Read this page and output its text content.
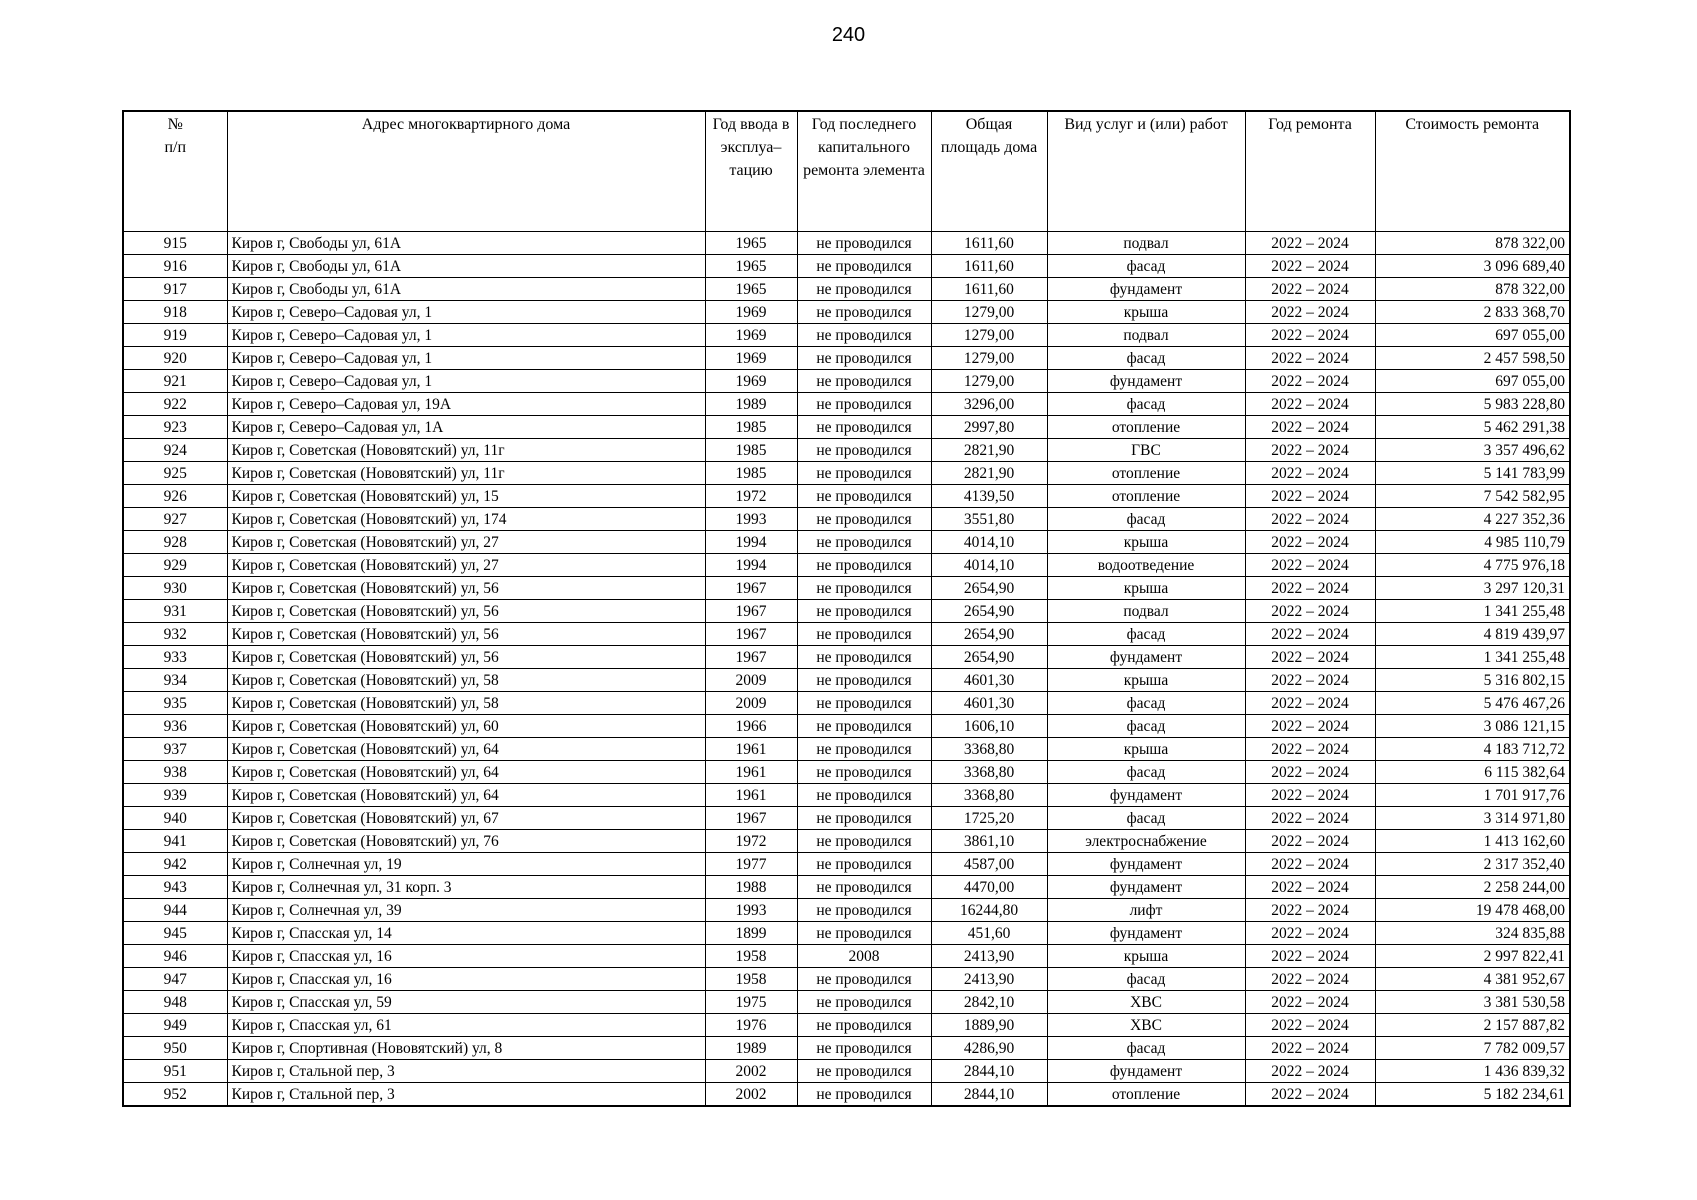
240
№
п/п	Адрес многоквартирного дома	Год ввода в эксплуа– тацию	Год последнего капитального ремонта элемента	Общая площадь дома	Вид услуг и (или) работ	Год ремонта	Стоимость ремонта
915	Киров г, Свободы ул, 61А	1965	не проводился	1611,60	подвал	2022 – 2024	878 322,00
916	Киров г, Свободы ул, 61А	1965	не проводился	1611,60	фасад	2022 – 2024	3 096 689,40
917	Киров г, Свободы ул, 61А	1965	не проводился	1611,60	фундамент	2022 – 2024	878 322,00
918	Киров г, Северо–Садовая ул, 1	1969	не проводился	1279,00	крыша	2022 – 2024	2 833 368,70
919	Киров г, Северо–Садовая ул, 1	1969	не проводился	1279,00	подвал	2022 – 2024	697 055,00
920	Киров г, Северо–Садовая ул, 1	1969	не проводился	1279,00	фасад	2022 – 2024	2 457 598,50
921	Киров г, Северо–Садовая ул, 1	1969	не проводился	1279,00	фундамент	2022 – 2024	697 055,00
922	Киров г, Северо–Садовая ул, 19А	1989	не проводился	3296,00	фасад	2022 – 2024	5 983 228,80
923	Киров г, Северо–Садовая ул, 1А	1985	не проводился	2997,80	отопление	2022 – 2024	5 462 291,38
924	Киров г, Советская (Нововятский) ул, 11г	1985	не проводился	2821,90	ГВС	2022 – 2024	3 357 496,62
925	Киров г, Советская (Нововятский) ул, 11г	1985	не проводился	2821,90	отопление	2022 – 2024	5 141 783,99
926	Киров г, Советская (Нововятский) ул, 15	1972	не проводился	4139,50	отопление	2022 – 2024	7 542 582,95
927	Киров г, Советская (Нововятский) ул, 174	1993	не проводился	3551,80	фасад	2022 – 2024	4 227 352,36
928	Киров г, Советская (Нововятский) ул, 27	1994	не проводился	4014,10	крыша	2022 – 2024	4 985 110,79
929	Киров г, Советская (Нововятский) ул, 27	1994	не проводился	4014,10	водоотведение	2022 – 2024	4 775 976,18
930	Киров г, Советская (Нововятский) ул, 56	1967	не проводился	2654,90	крыша	2022 – 2024	3 297 120,31
931	Киров г, Советская (Нововятский) ул, 56	1967	не проводился	2654,90	подвал	2022 – 2024	1 341 255,48
932	Киров г, Советская (Нововятский) ул, 56	1967	не проводился	2654,90	фасад	2022 – 2024	4 819 439,97
933	Киров г, Советская (Нововятский) ул, 56	1967	не проводился	2654,90	фундамент	2022 – 2024	1 341 255,48
934	Киров г, Советская (Нововятский) ул, 58	2009	не проводился	4601,30	крыша	2022 – 2024	5 316 802,15
935	Киров г, Советская (Нововятский) ул, 58	2009	не проводился	4601,30	фасад	2022 – 2024	5 476 467,26
936	Киров г, Советская (Нововятский) ул, 60	1966	не проводился	1606,10	фасад	2022 – 2024	3 086 121,15
937	Киров г, Советская (Нововятский) ул, 64	1961	не проводился	3368,80	крыша	2022 – 2024	4 183 712,72
938	Киров г, Советская (Нововятский) ул, 64	1961	не проводился	3368,80	фасад	2022 – 2024	6 115 382,64
939	Киров г, Советская (Нововятский) ул, 64	1961	не проводился	3368,80	фундамент	2022 – 2024	1 701 917,76
940	Киров г, Советская (Нововятский) ул, 67	1967	не проводился	1725,20	фасад	2022 – 2024	3 314 971,80
941	Киров г, Советская (Нововятский) ул, 76	1972	не проводился	3861,10	электроснабжение	2022 – 2024	1 413 162,60
942	Киров г, Солнечная ул, 19	1977	не проводился	4587,00	фундамент	2022 – 2024	2 317 352,40
943	Киров г, Солнечная ул, 31 корп. 3	1988	не проводился	4470,00	фундамент	2022 – 2024	2 258 244,00
944	Киров г, Солнечная ул, 39	1993	не проводился	16244,80	лифт	2022 – 2024	19 478 468,00
945	Киров г, Спасская ул, 14	1899	не проводился	451,60	фундамент	2022 – 2024	324 835,88
946	Киров г, Спасская ул, 16	1958	2008	2413,90	крыша	2022 – 2024	2 997 822,41
947	Киров г, Спасская ул, 16	1958	не проводился	2413,90	фасад	2022 – 2024	4 381 952,67
948	Киров г, Спасская ул, 59	1975	не проводился	2842,10	ХВС	2022 – 2024	3 381 530,58
949	Киров г, Спасская ул, 61	1976	не проводился	1889,90	ХВС	2022 – 2024	2 157 887,82
950	Киров г, Спортивная (Нововятский) ул, 8	1989	не проводился	4286,90	фасад	2022 – 2024	7 782 009,57
951	Киров г, Стальной пер, 3	2002	не проводился	2844,10	фундамент	2022 – 2024	1 436 839,32
952	Киров г, Стальной пер, 3	2002	не проводился	2844,10	отопление	2022 – 2024	5 182 234,61
